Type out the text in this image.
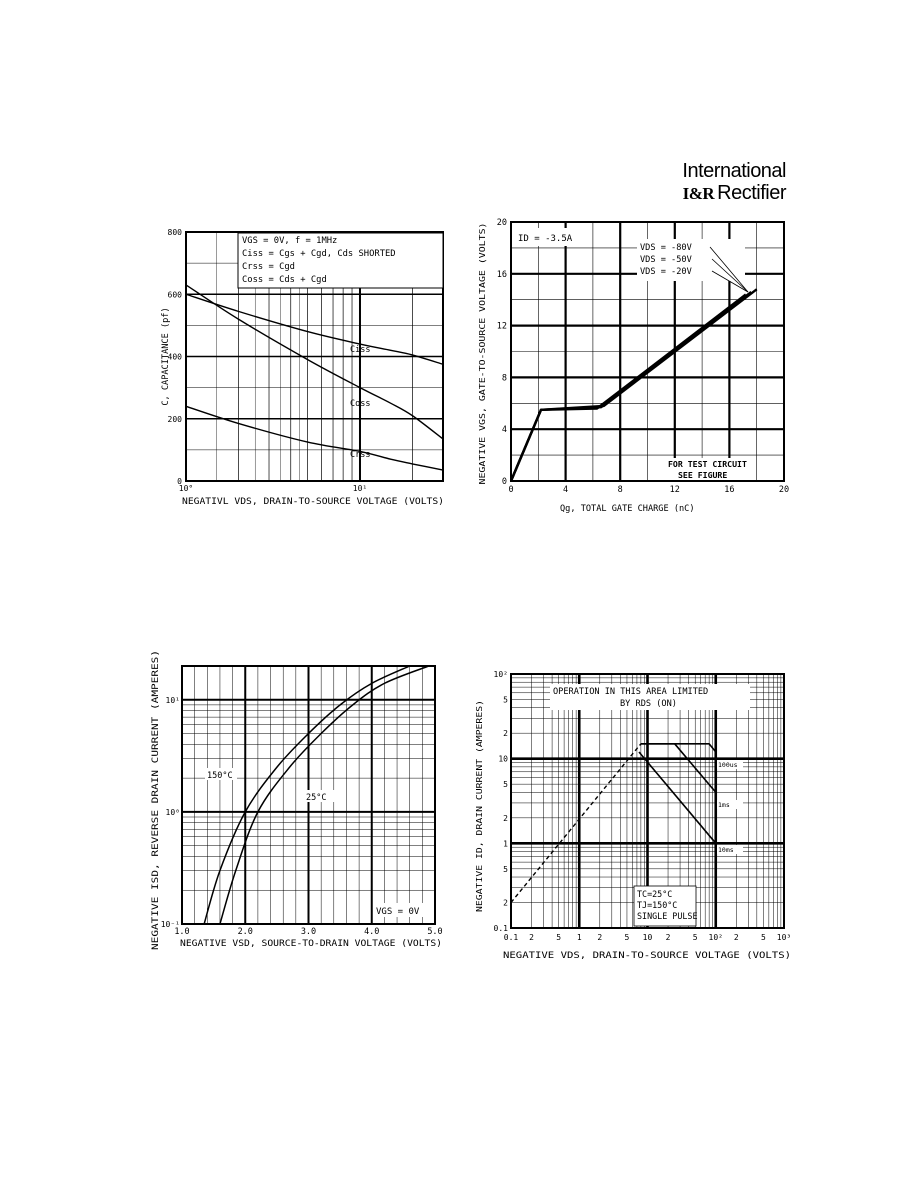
International
I&R Rectifier
0
200
400
600
800
10°	10¹
NEGATIVL VDS, DRAIN-TO-SOURCE VOLTAGE (VOLTS)
C, CAPACITANCE (pf)
VGS = 0V, f = 1MHz
Ciss = Cgs + Cgd, Cds SHORTED
Crss = Cgd
Coss = Cds + Cgd
Ciss
Coss
Crss
0	4	8	12	16	20
0
4
8
12
16
20
Qg, TOTAL GATE CHARGE (nC)
NEGATIVE VGS, GATE-TO-SOURCE VOLTAGE (VOLTS)
ID = -3.5A
VDS = -80V
VDS = -50V
VDS = -20V
FOR TEST CIRCUIT
SEE FIGURE
1.0	2.0	3.0	4.0	5.0
10⁻¹
10⁰
10¹
NEGATIVE VSD, SOURCE-TO-DRAIN VOLTAGE (VOLTS)
NEGATIVE ISD, REVERSE DRAIN CURRENT (AMPERES)	150°C
25°C
VGS = 0V
0.1 2	5 1 2	5 10 2	5 10² 2	5 10³
0.1
2
5
1
2
5
10
2
5
10²
NEGATIVE VDS, DRAIN-TO-SOURCE VOLTAGE (VOLTS)
NEGATIVE ID, DRAIN CURRENT (AMPERES)
OPERATION IN THIS AREA LIMITED
BY RDS (ON)
100us
1ms
10ms
TC=25°C
TJ=150°C
SINGLE PULSE
